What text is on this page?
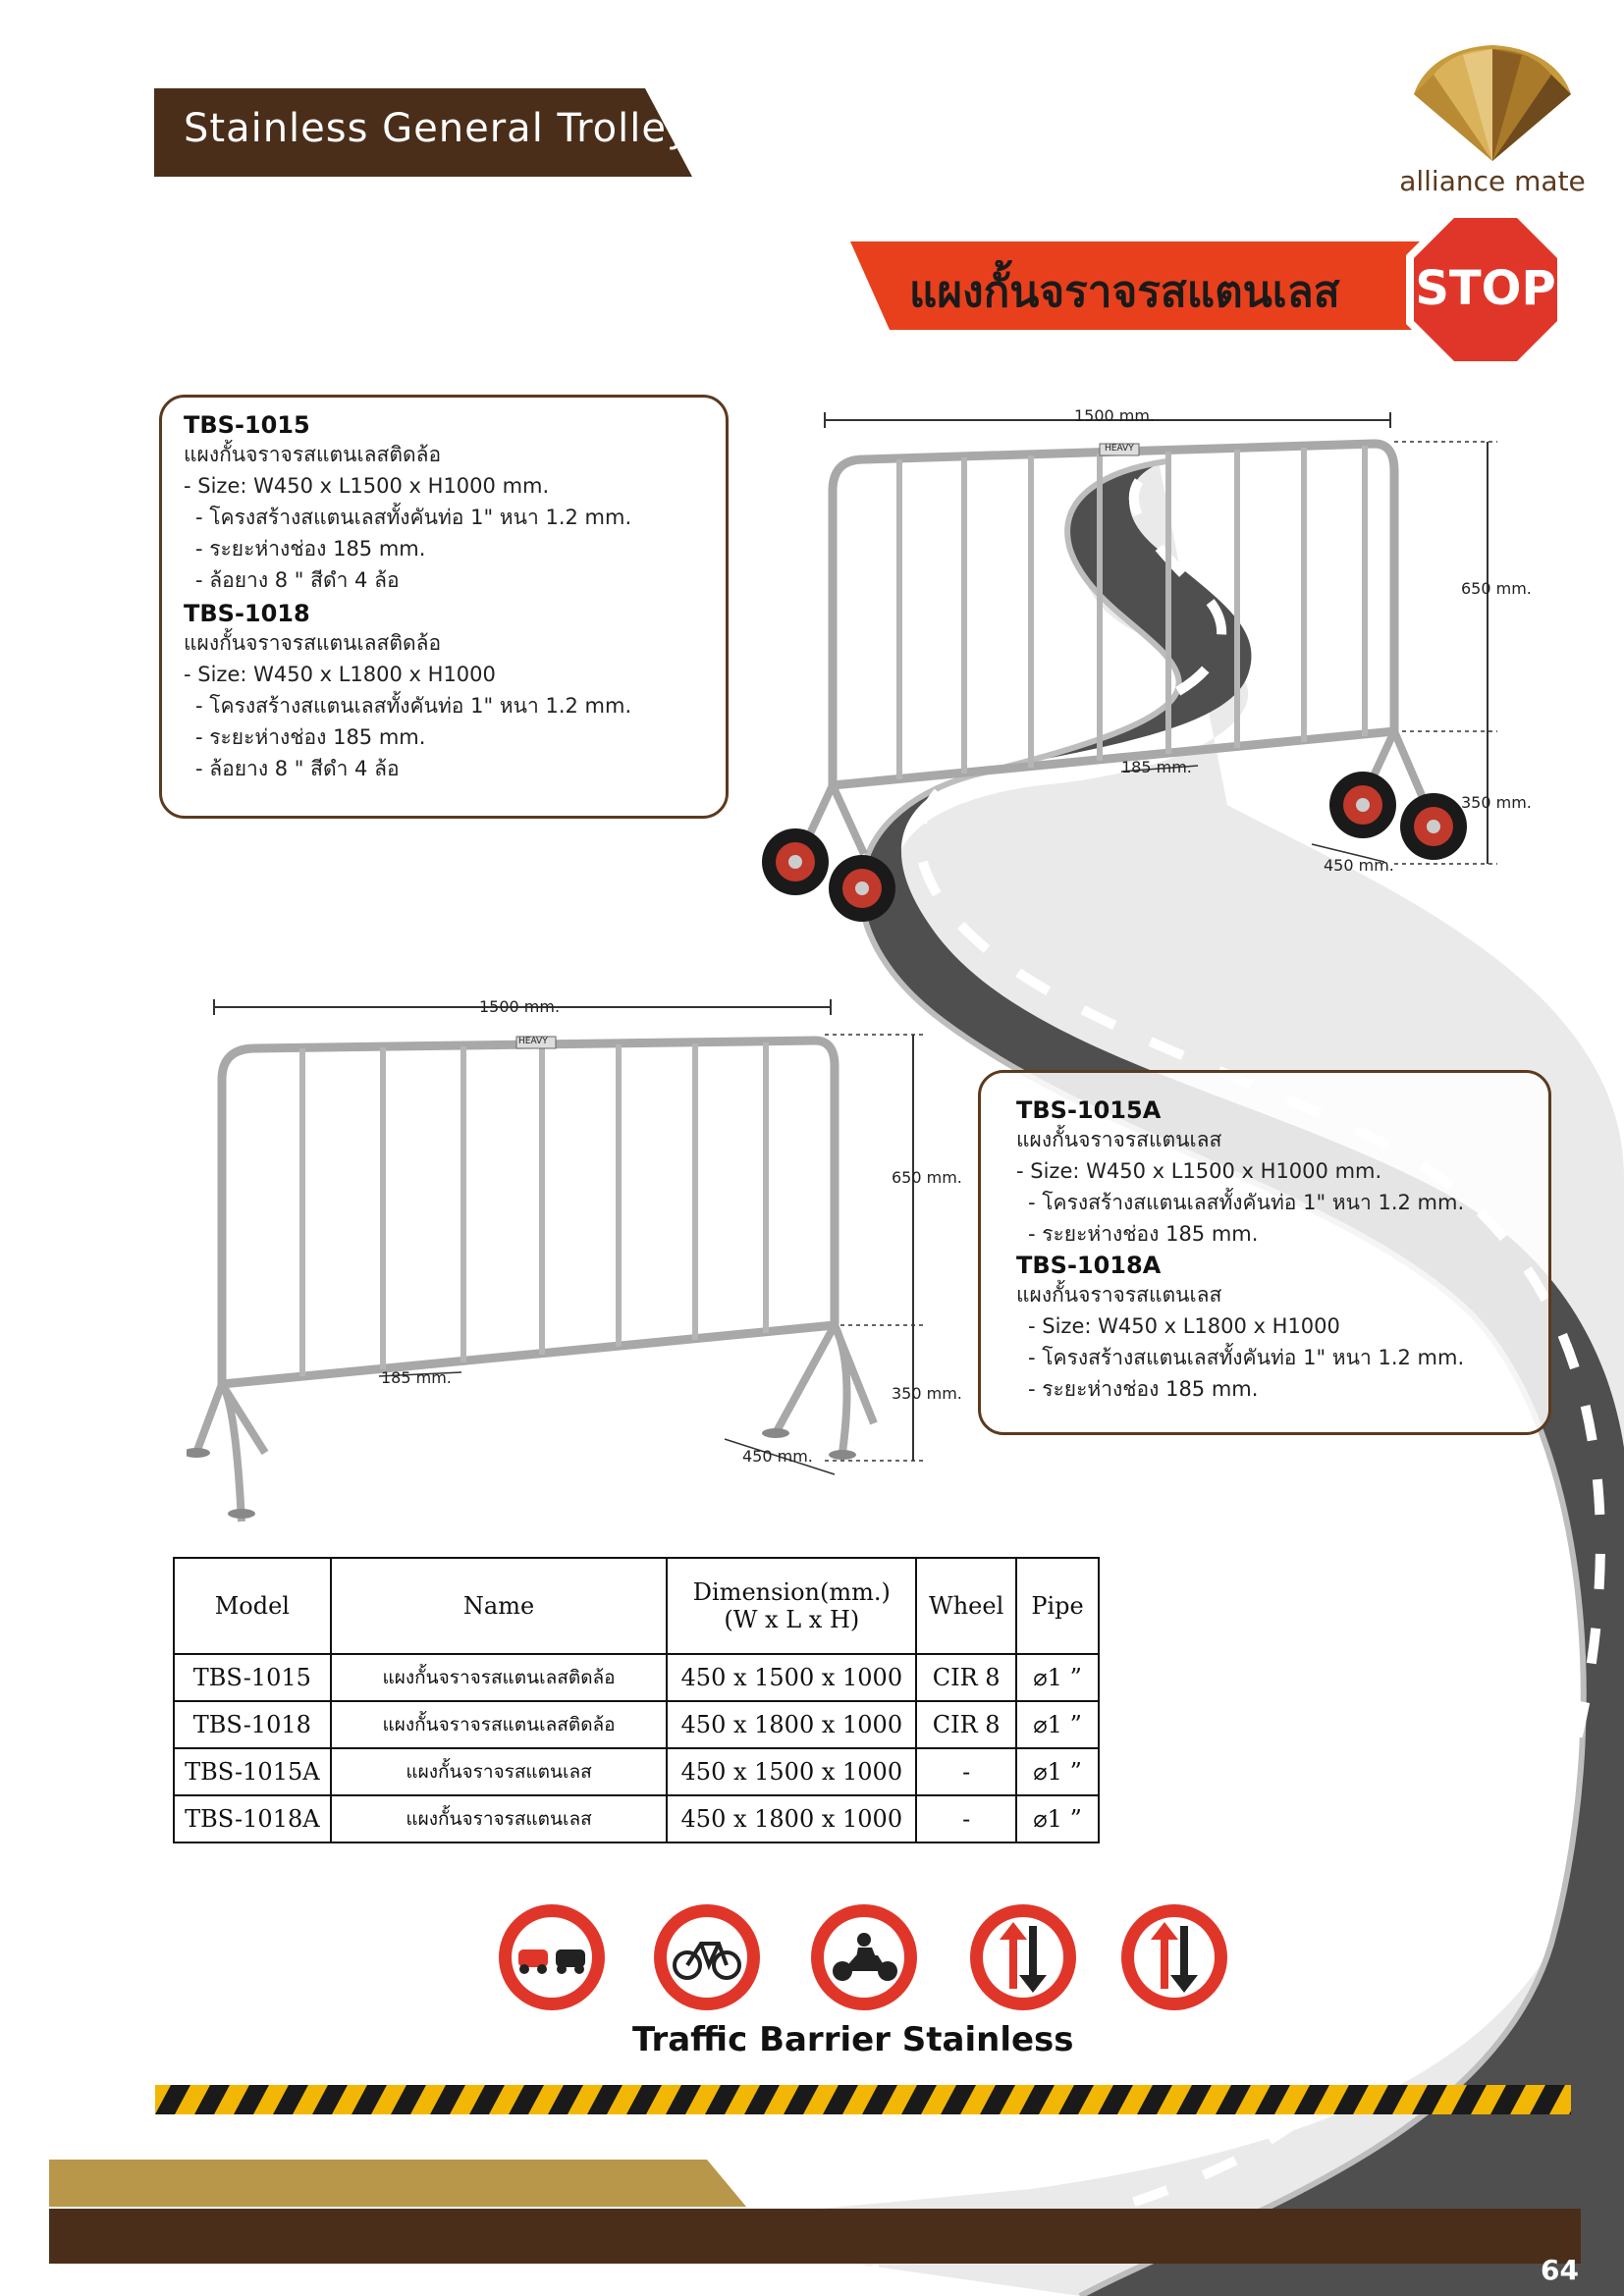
Stainless General Trolley
alliance mate
แผงกั้นจราจรสแตนเลส STOP
TBS-1015
แผงกั้นจราจรสแตนเลสติดล้อ
- Size: W450 x L1500 x H1000 mm.
- โครงสร้างสแตนเลสทั้งคันท่อ 1" หนา 1.2 mm.
- ระยะห่างช่อง 185 mm.
- ล้อยาง 8 " สีดำ 4 ล้อ
TBS-1018
แผงกั้นจราจรสแตนเลสติดล้อ
- Size: W450 x L1800 x H1000
- โครงสร้างสแตนเลสทั้งคันท่อ 1" หนา 1.2 mm.
- ระยะห่างช่อง 185 mm.
- ล้อยาง 8 " สีดำ 4 ล้อ
1500 mm.
650 mm.
350 mm.
185 mm.
450 mm.
HEAVY
1500 mm.
650 mm.
350 mm.
185 mm.
450 mm.
HEAVY
TBS-1015A
แผงกั้นจราจรสแตนเลส
- Size: W450 x L1500 x H1000 mm.
- โครงสร้างสแตนเลสทั้งคันท่อ 1" หนา 1.2 mm.
- ระยะห่างช่อง 185 mm.
TBS-1018A
แผงกั้นจราจรสแตนเลส
- Size: W450 x L1800 x H1000
- โครงสร้างสแตนเลสทั้งคันท่อ 1" หนา 1.2 mm.
- ระยะห่างช่อง 185 mm.
Model	Name	Dimension(mm.)
(W x L x H)	Wheel	Pipe
TBS-1015	แผงกั้นจราจรสแตนเลสติดล้อ	450 x 1500 x 1000	CIR 8	⌀1 ”
TBS-1018	แผงกั้นจราจรสแตนเลสติดล้อ	450 x 1800 x 1000	CIR 8	⌀1 ”
TBS-1015A	แผงกั้นจราจรสแตนเลส	450 x 1500 x 1000	-	⌀1 ”
TBS-1018A	แผงกั้นจราจรสแตนเลส	450 x 1800 x 1000	-	⌀1 ”
Traffic Barrier Stainless
64
